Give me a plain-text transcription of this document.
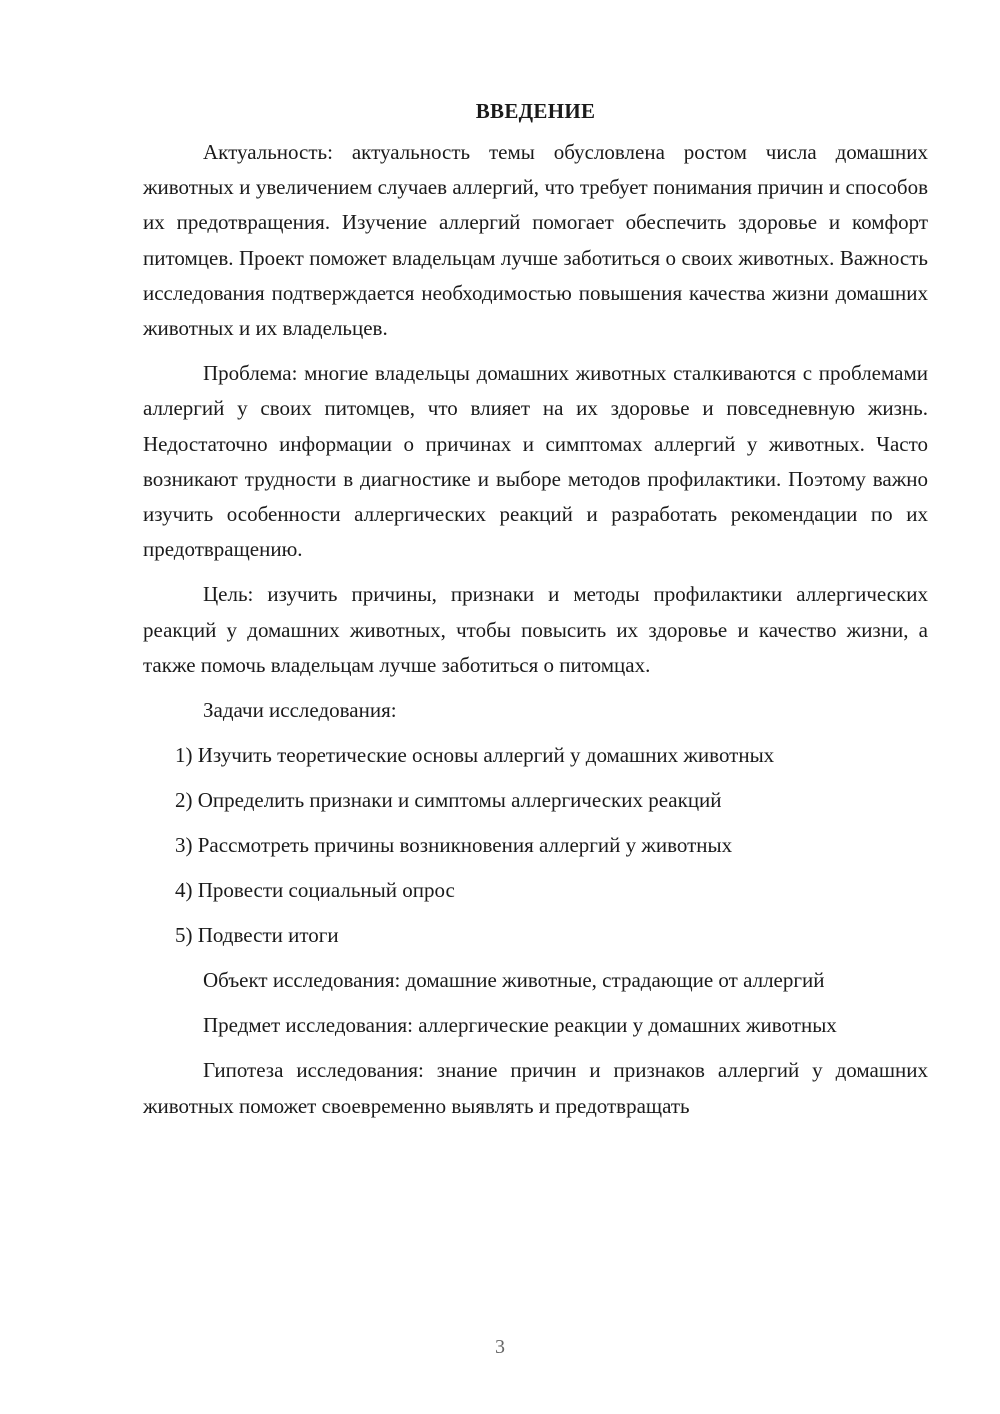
ВВЕДЕНИЕ

Актуальность: актуальность темы обусловлена ростом числа домашних животных и увеличением случаев аллергий, что требует понимания причин и способов их предотвращения. Изучение аллергий помогает обеспечить здоровье и комфорт питомцев. Проект поможет владельцам лучше заботиться о своих животных. Важность исследования подтверждается необходимостью повышения качества жизни домашних животных и их владельцев.

Проблема: многие владельцы домашних животных сталкиваются с проблемами аллергий у своих питомцев, что влияет на их здоровье и повседневную жизнь. Недостаточно информации о причинах и симптомах аллергий у животных. Часто возникают трудности в диагностике и выборе методов профилактики. Поэтому важно изучить особенности аллергических реакций и разработать рекомендации по их предотвращению.

Цель: изучить причины, признаки и методы профилактики аллергических реакций у домашних животных, чтобы повысить их здоровье и качество жизни, а также помочь владельцам лучше заботиться о питомцах.

Задачи исследования:

1) Изучить теоретические основы аллергий у домашних животных

2) Определить признаки и симптомы аллергических реакций

3) Рассмотреть причины возникновения аллергий у животных

4) Провести социальный опрос

5) Подвести итоги

Объект исследования: домашние животные, страдающие от аллергий

Предмет исследования: аллергические реакции у домашних животных

Гипотеза исследования: знание причин и признаков аллергий у домашних животных поможет своевременно выявлять и предотвращать

3
